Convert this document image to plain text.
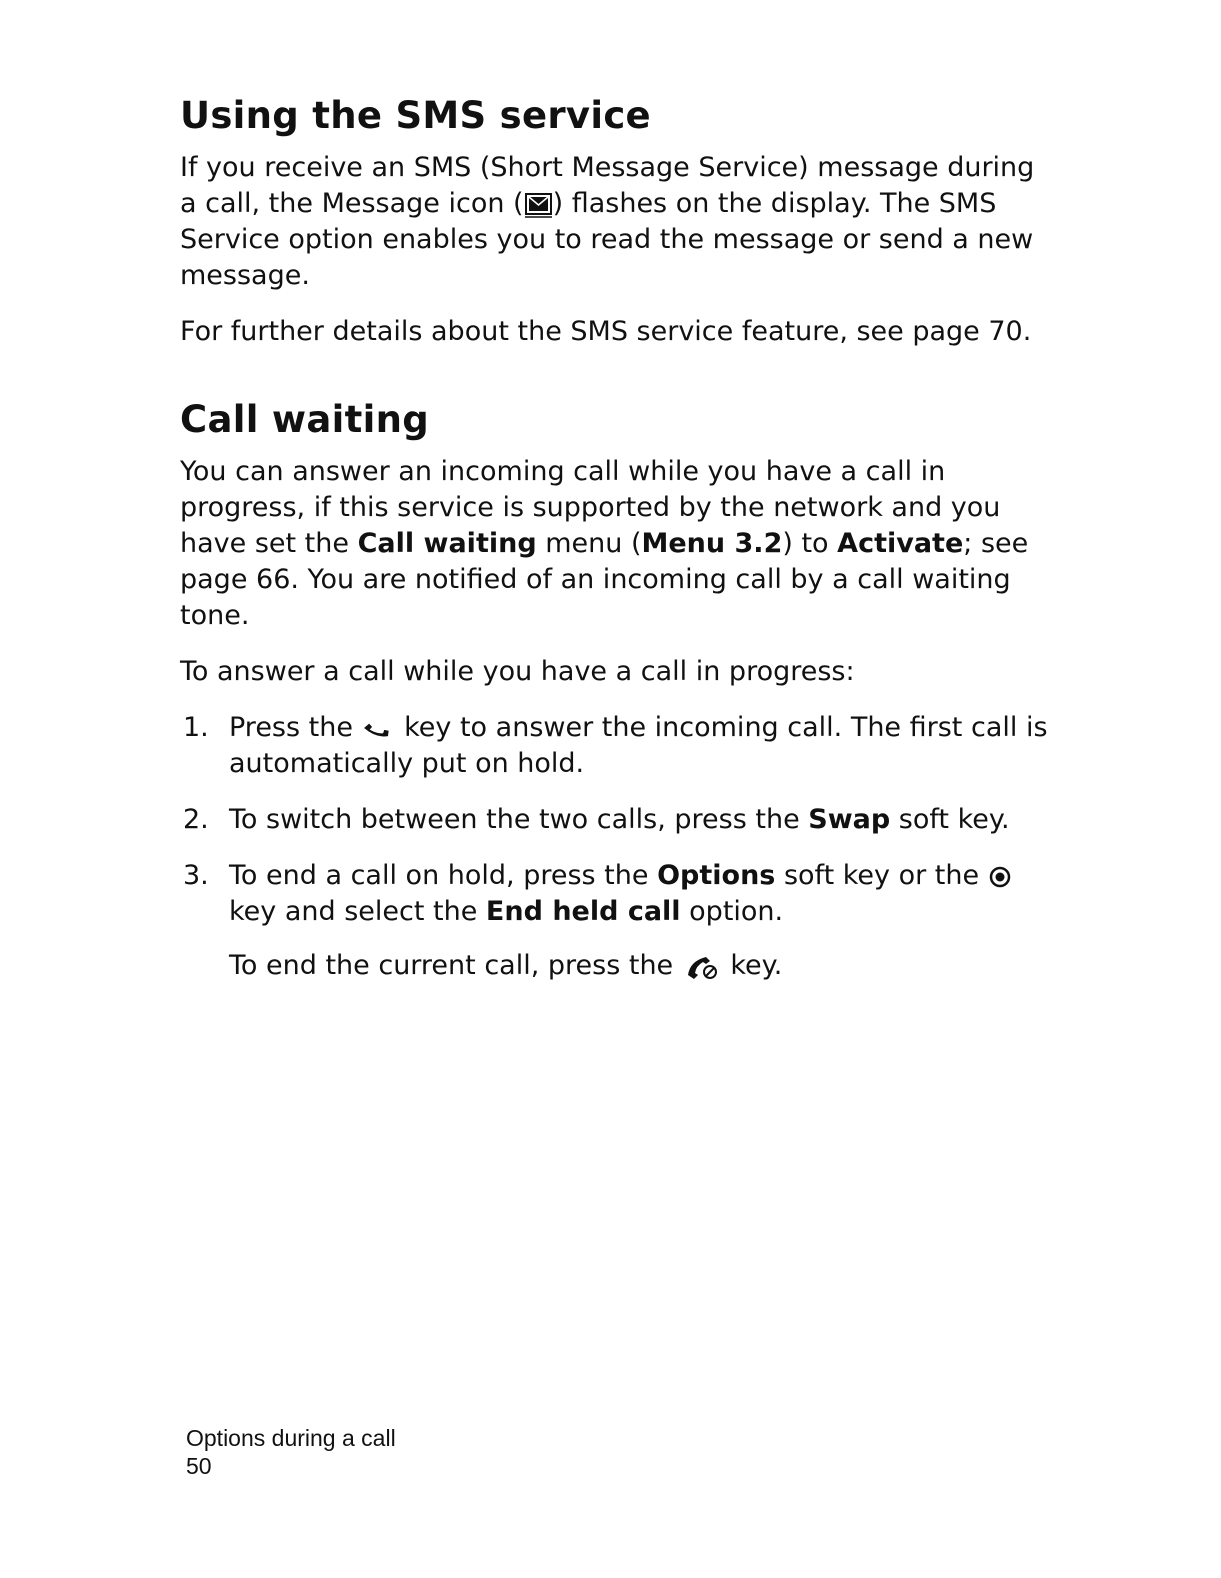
Using the SMS service

If you receive an SMS (Short Message Service) message during a call, the Message icon ( ) flashes on the display. The SMS Service option enables you to read the message or send a new message.

For further details about the SMS service feature, see page 70.

Call waiting

You can answer an incoming call while you have a call in progress, if this service is supported by the network and you have set the Call waiting menu (Menu 3.2) to Activate; see page 66. You are notified of an incoming call by a call waiting tone.

To answer a call while you have a call in progress:

1. Press the
key to answer the incoming call. The first call is automatically put on hold.
2. To switch between the two calls, press the Swap soft key.
3. To end a call on hold, press the Options soft key or the

key and select the End held call option.

To end the current call, press the
key.

Options during a call
50
